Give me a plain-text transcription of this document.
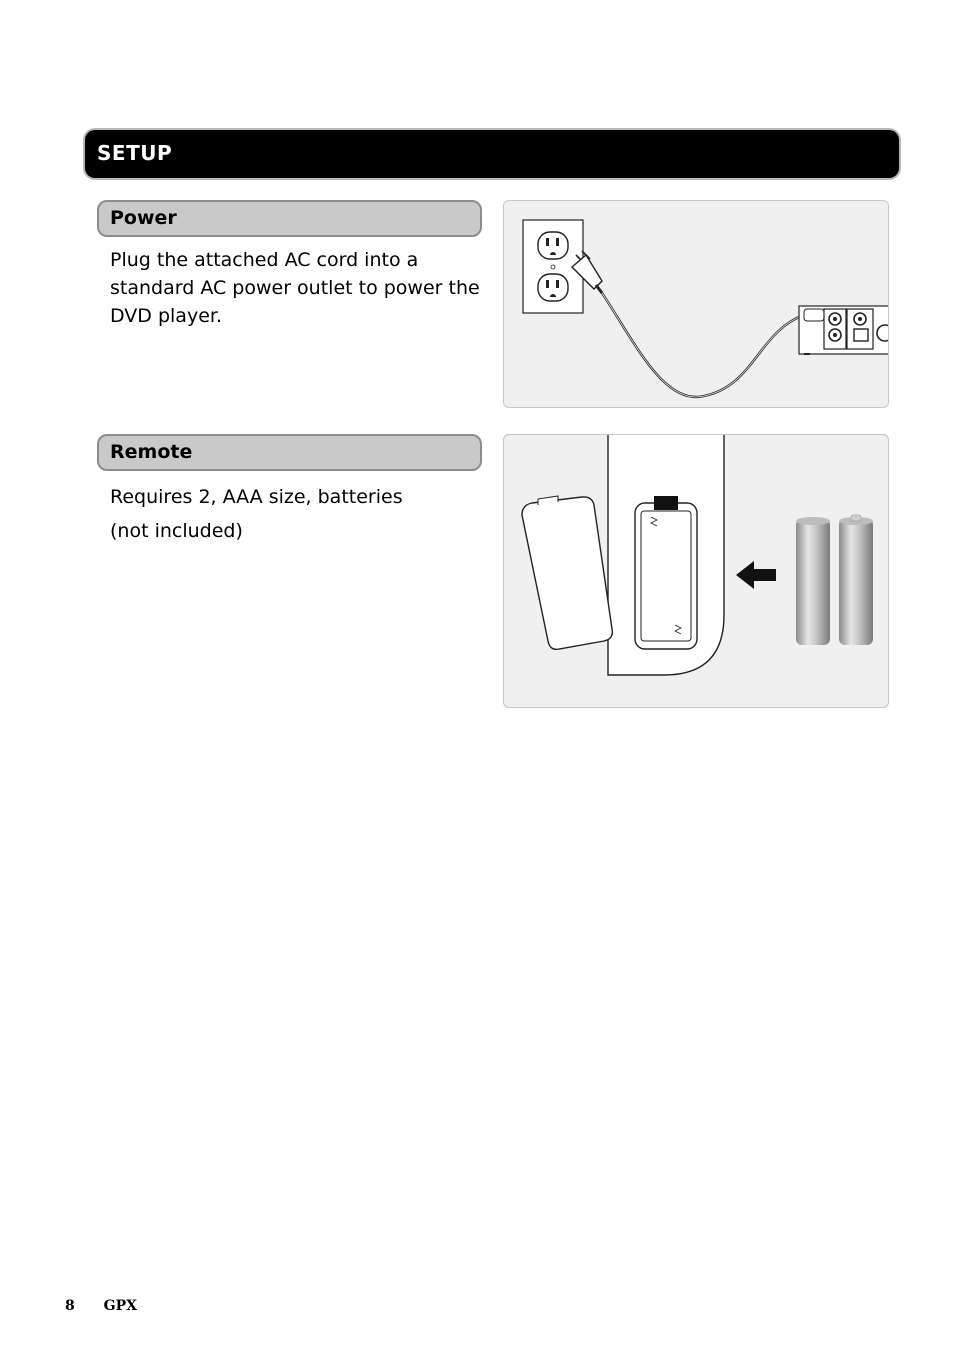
SETUP
Power

Plug the attached AC cord into a
standard AC power outlet to power the
DVD player.

Remote

Requires 2, AAA size, batteries
(not included)

8 GPX
